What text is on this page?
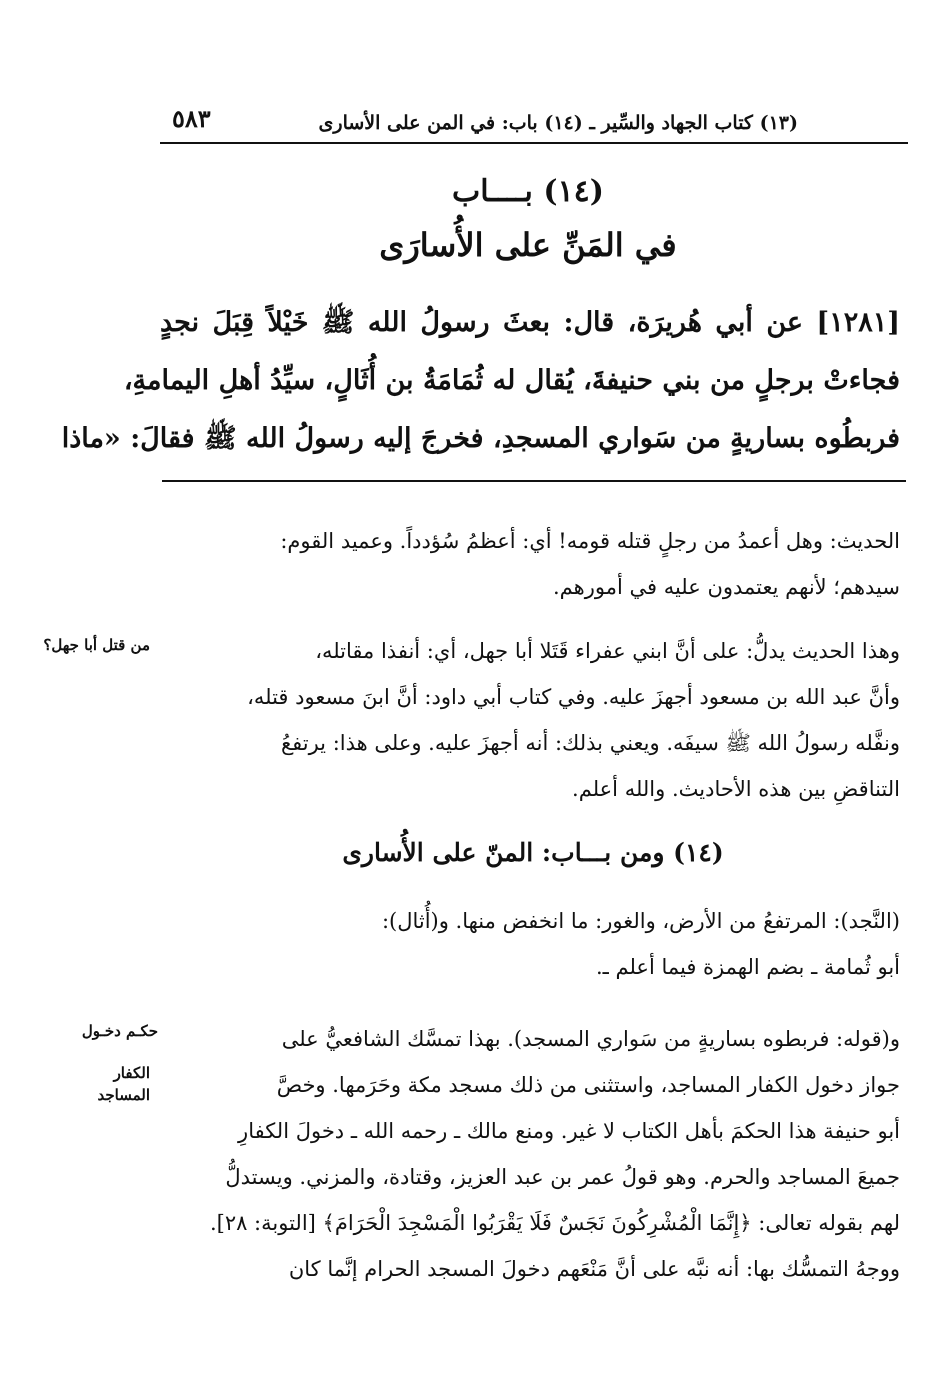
(١٣) كتاب الجهاد والسِّير ـ (١٤) باب: في المن على الأسارى
٥٨٣
(١٤) بــــاب
في المَنِّ على الأُسارَى
[١٢٨١] عن أبي هُريرَة، قال: بعثَ رسولُ الله ﷺ خَيْلاً قِبَلَ نجدٍ
فجاءتْ برجلٍ من بني حنيفةَ، يُقال له ثُمَامَةُ بن أُثَالٍ، سيِّدُ أهلِ اليمامةِ،
فربطُوه بساريةٍ من سَواري المسجدِ، فخرجَ إليه رسولُ الله ﷺ فقالَ: «ماذا
الحديث: وهل أعمدُ من رجلٍ قتله قومه! أي: أعظمُ سُؤدداً. وعميد القوم:
سيدهم؛ لأنهم يعتمدون عليه في أمورهم.
وهذا الحديث يدلُّ: على أنَّ ابني عفراء قَتَلا أبا جهل، أي: أنفذا مقاتله،
وأنَّ عبد الله بن مسعود أجهزَ عليه. وفي كتاب أبي داود: أنَّ ابنَ مسعود قتله،
ونفَّله رسولُ الله ﷺ سيفَه. ويعني بذلك: أنه أجهزَ عليه. وعلى هذا: يرتفعُ
التناقضِ بين هذه الأحاديث. والله أعلم.
من قتل أبا جهل؟
(١٤) ومن بـــاب: المنّ على الأُسارى
(النَّجد): المرتفعُ من الأرض، والغور: ما انخفض منها. و(أُثال):
أبو ثُمامة ـ بضم الهمزة فيما أعلم ـ.
و(قوله: فربطوه بساريةٍ من سَواري المسجد). بهذا تمسَّك الشافعيُّ على
جواز دخول الكفار المساجد، واستثنى من ذلك مسجد مكة وحَرَمها. وخصَّ
أبو حنيفة هذا الحكمَ بأهل الكتاب لا غير. ومنع مالك ـ رحمه الله ـ دخولَ الكفارِ
جميعَ المساجد والحرم. وهو قولُ عمر بن عبد العزيز، وقتادة، والمزني. ويستدلُّ
لهم بقوله تعالى: ﴿إِنَّمَا الْمُشْرِكُونَ نَجَسٌ فَلَا يَقْرَبُوا الْمَسْجِدَ الْحَرَامَ﴾ [التوبة: ٢٨].
ووجهُ التمسُّك بها: أنه نبَّه على أنَّ مَنْعَهم دخولَ المسجد الحرام إنَّما كان
حكـم دخـول
الكفار
المساجد
